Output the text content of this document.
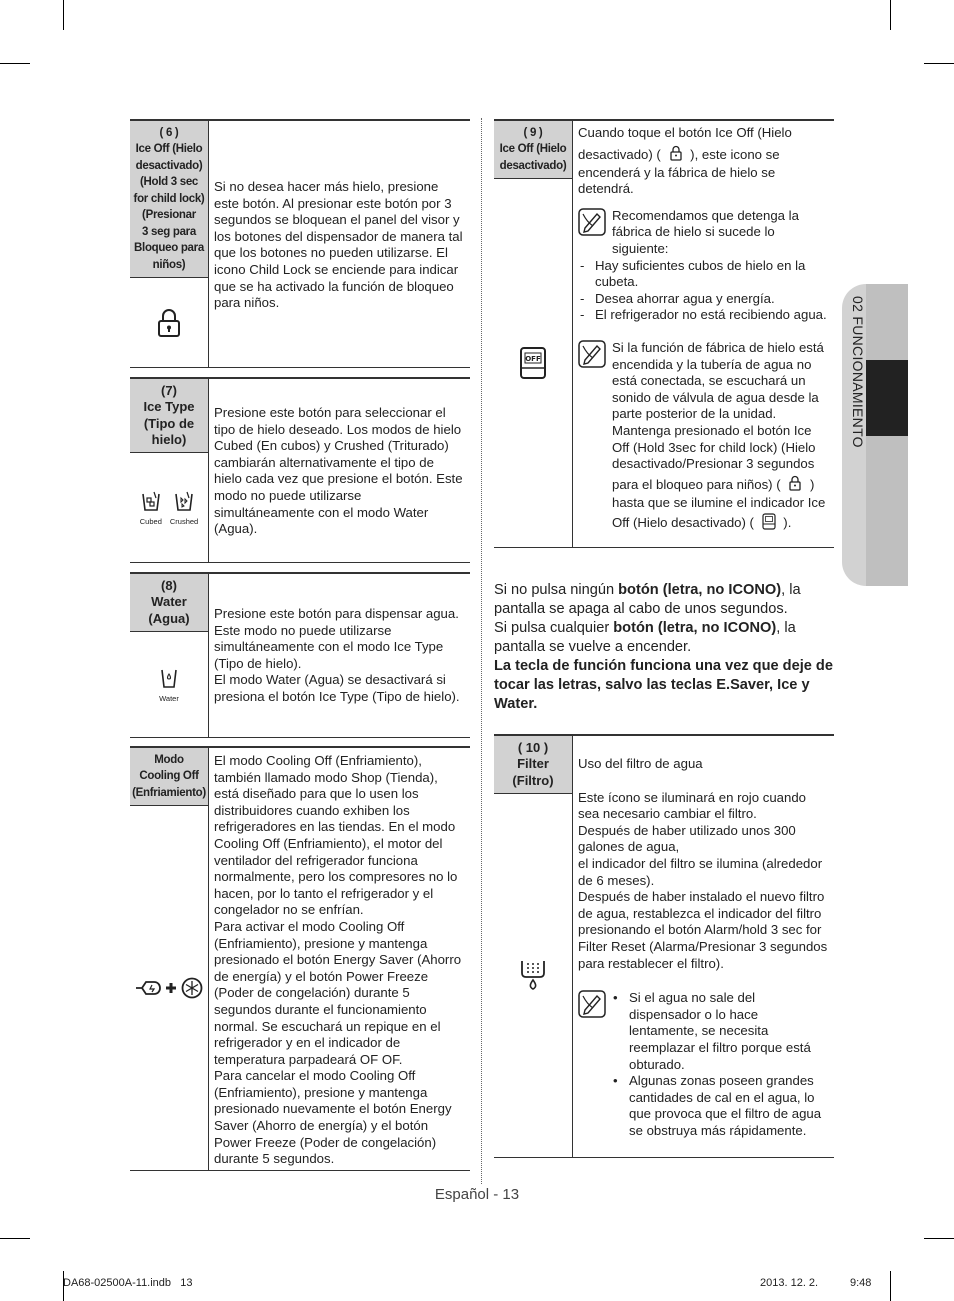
02 FUNCIONAMIENTO
( 6 )
Ice Off (Hielo desactivado)
(Hold 3 sec for child lock)
(Presionar
3 seg para
Bloqueo para
niños)
Si no desea hacer más hielo, presione este botón. Al presionar este botón por 3 segundos se bloquean el panel del visor y los botones del dispensador de manera tal que los botones no pueden utilizarse. El icono Child Lock se enciende para indicar que se ha activado la función de bloqueo para niños.
(7)
Ice Type
(Tipo de
hielo)
Cubed Crushed
Presione este botón para seleccionar el tipo de hielo deseado. Los modos de hielo Cubed (En cubos) y Crushed (Triturado) cambiarán alternativamente el tipo de hielo cada vez que presione el botón. Este modo no puede utilizarse simultáneamente con el modo Water (Agua).
(8)
Water
(Agua)
Water
Presione este botón para dispensar agua. Este modo no puede utilizarse simultáneamente con el modo Ice Type (Tipo de hielo).
El modo Water (Agua) se desactivará si presiona el botón Ice Type (Tipo de hielo).
Modo
Cooling Off
(Enfriamiento)
El modo Cooling Off (Enfriamiento), también llamado modo Shop (Tienda), está diseñado para que lo usen los distribuidores cuando exhiben los refrigeradores en las tiendas. En el modo Cooling Off (Enfriamiento), el motor del ventilador del refrigerador funciona normalmente, pero los compresores no lo hacen, por lo tanto el refrigerador y el congelador no se enfrían.
Para activar el modo Cooling Off (Enfriamiento), presione y mantenga presionado el botón Energy Saver (Ahorro de energía) y el botón Power Freeze (Poder de congelación) durante 5 segundos durante el funcionamiento normal. Se escuchará un repique en el refrigerador y en el indicador de temperatura parpadeará OF OF.
Para cancelar el modo Cooling Off (Enfriamiento), presione y mantenga presionado nuevamente el botón Energy Saver (Ahorro de energía) y el botón Power Freeze (Poder de congelación) durante 5 segundos.
( 9 )
Ice Off (Hielo desactivado)
OFF
Cuando toque el botón Ice Off (Hielo
desactivado) ( ), este icono se
encenderá y la fábrica de hielo se detendrá.
Recomendamos que detenga la fábrica de hielo si sucede lo siguiente:
- Hay suficientes cubos de hielo en la cubeta.
- Desea ahorrar agua y energía.
- El refrigerador no está recibiendo agua.
Si la función de fábrica de hielo está encendida y la tubería de agua no está conectada, se escuchará un sonido de válvula de agua desde la parte posterior de la unidad. Mantenga presionado el botón Ice Off (Hold 3sec for child lock) (Hielo desactivado/Presionar 3 segundos
para el bloqueo para niños) ( )
hasta que se ilumine el indicador Ice
Off (Hielo desactivado) ( ).
Si no pulsa ningún botón (letra, no ICONO), la pantalla se apaga al cabo de unos segundos.
Si pulsa cualquier botón (letra, no ICONO), la pantalla se vuelve a encender.
La tecla de función funciona una vez que deje de tocar las letras, salvo las teclas E.Saver, Ice y Water.
( 10 )
Filter
(Filtro)
Uso del filtro de agua
Este ícono se iluminará en rojo cuando sea necesario cambiar el filtro.
Después de haber utilizado unos 300 galones de agua,
el indicador del filtro se ilumina (alrededor de 6 meses).
Después de haber instalado el nuevo filtro de agua, restablezca el indicador del filtro presionando el botón Alarm/hold 3 sec for Filter Reset (Alarma/Presionar 3 segundos para restablecer el filtro).
• Si el agua no sale del dispensador o lo hace lentamente, se necesita reemplazar el filtro porque está obturado.
• Algunas zonas poseen grandes cantidades de cal en el agua, lo que provoca que el filtro de agua se obstruya más rápidamente.
Español - 13
DA68-02500A-11.indb   13	2013. 12. 2.	9:48
